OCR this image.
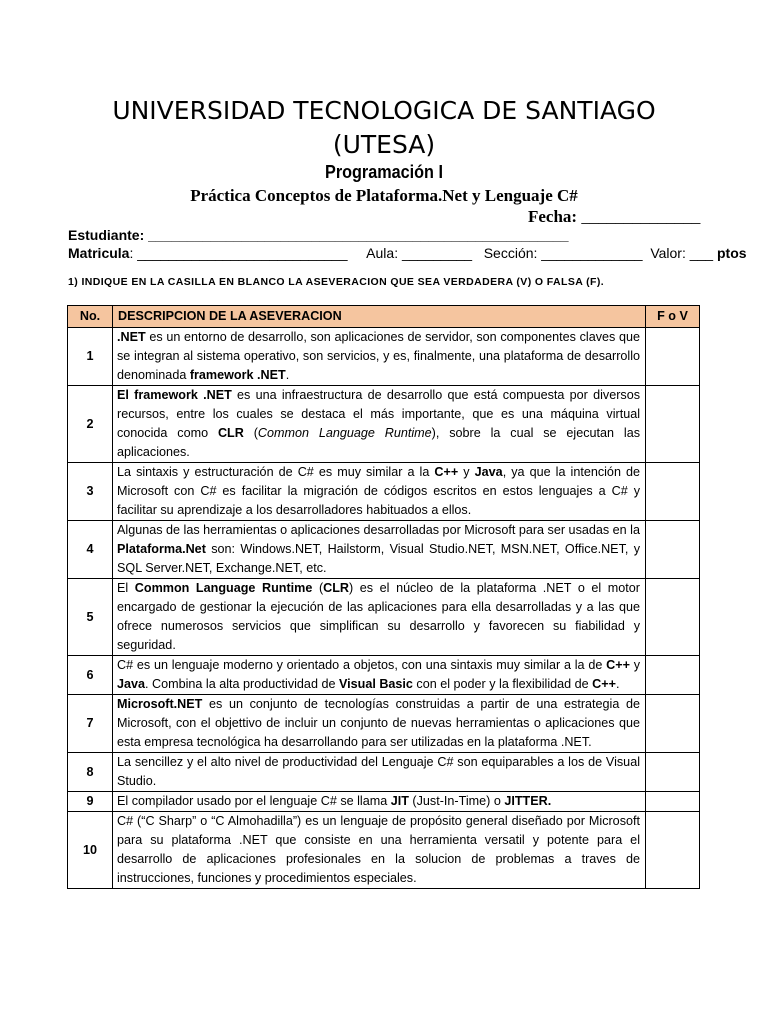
UNIVERSIDAD TECNOLOGICA DE SANTIAGO
(UTESA)
Programación I
Práctica Conceptos de Plataforma.Net y Lenguaje C#
Fecha: ______________
Estudiante: ______________________________________________________
Matricula: ___________________________ Aula: _________ Sección: _____________ Valor: ___ ptos
1) INDIQUE EN LA CASILLA EN BLANCO LA ASEVERACION QUE SEA VERDADERA (V) O FALSA (F).
No.	DESCRIPCION DE LA ASEVERACION	F o V
1	.NET es un entorno de desarrollo, son aplicaciones de servidor, son componentes claves que se integran al sistema operativo, son servicios, y es, finalmente, una plataforma de desarrollo denominada framework .NET.	
2	El framework .NET es una infraestructura de desarrollo que está compuesta por diversos recursos, entre los cuales se destaca el más importante, que es una máquina virtual conocida como CLR (Common Language Runtime), sobre la cual se ejecutan las aplicaciones.	
3	La sintaxis y estructuración de C# es muy similar a la C++ y Java, ya que la intención de Microsoft con C# es facilitar la migración de códigos escritos en estos lenguajes a C# y facilitar su aprendizaje a los desarrolladores habituados a ellos.	
4	Algunas de las herramientas o aplicaciones desarrolladas por Microsoft para ser usadas en la Plataforma.Net son: Windows.NET, Hailstorm, Visual Studio.NET, MSN.NET, Office.NET, y SQL Server.NET, Exchange.NET, etc.	
5	El Common Language Runtime (CLR) es el núcleo de la plataforma .NET o el motor encargado de gestionar la ejecución de las aplicaciones para ella desarrolladas y a las que ofrece numerosos servicios que simplifican su desarrollo y favorecen su fiabilidad y seguridad.	
6	C# es un lenguaje moderno y orientado a objetos, con una sintaxis muy similar a la de C++ y Java. Combina la alta productividad de Visual Basic con el poder y la flexibilidad de C++.	
7	Microsoft.NET es un conjunto de tecnologías construidas a partir de una estrategia de Microsoft, con el objettivo de incluir un conjunto de nuevas herramientas o aplicaciones que esta empresa tecnológica ha desarrollando para ser utilizadas en la plataforma .NET.	
8	La sencillez y el alto nivel de productividad del Lenguaje C# son equiparables a los de Visual Studio.	
9	El compilador usado por el lenguaje C# se llama JIT (Just-In-Time) o JITTER.	
10	C# (“C Sharp” o “C Almohadilla”) es un lenguaje de propósito general diseñado por Microsoft para su plataforma .NET que consiste en una herramienta versatil y potente para el desarrollo de aplicaciones profesionales en la solucion de problemas a traves de instrucciones, funciones y procedimientos especiales.	
